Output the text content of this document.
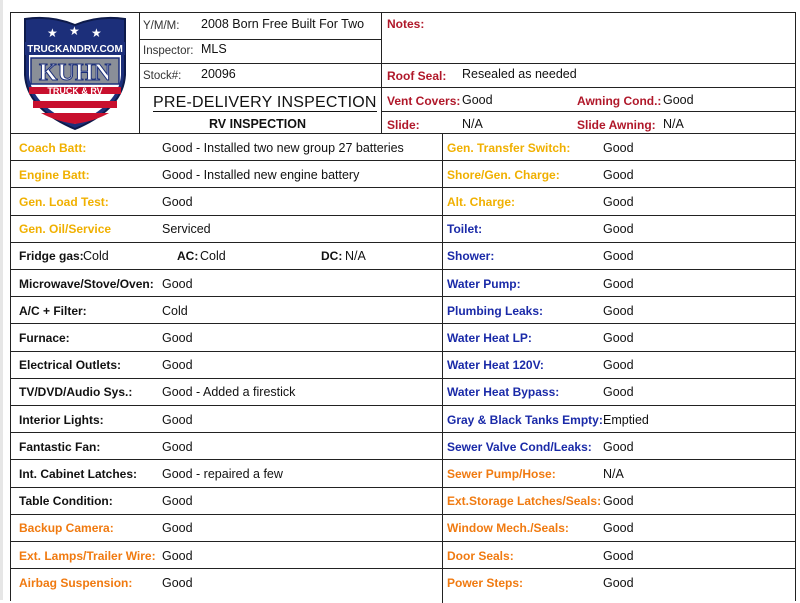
★ ★ ★
TRUCKANDRV.COM
KUHN
TRUCK & RV
Y/M/M: 2008 Born Free Built For Two
Inspector: MLS
Stock#: 20096
PRE-DELIVERY INSPECTION
RV INSPECTION
Notes:
Roof Seal: Resealed as needed
Vent Covers: Good	Awning Cond.: Good
Slide:	N/A	Slide Awning: N/A
Coach Batt:	Good - Installed two new group 27 batteries	Gen. Transfer Switch:	Good
Engine Batt:	Good - Installed new engine battery	Shore/Gen. Charge:	Good
Gen. Load Test:	Good	Alt. Charge:	Good
Gen. Oil/Service	Serviced	Toilet:	Good
Fridge gas: Cold	AC: Cold	DC: N/A	Shower:	Good
Microwave/Stove/Oven: Good	Water Pump:	Good
A/C + Filter:	Cold	Plumbing Leaks:	Good
Furnace:	Good	Water Heat LP:	Good
Electrical Outlets:	Good	Water Heat 120V:	Good
TV/DVD/Audio Sys.: Good - Added a firestick	Water Heat Bypass:	Good
Interior Lights:	Good	Gray & Black Tanks Empty: Emptied
Fantastic Fan:	Good	Sewer Valve Cond/Leaks: Good
Int. Cabinet Latches: Good - repaired a few	Sewer Pump/Hose:	N/A
Table Condition:	Good	Ext.Storage Latches/Seals: Good
Backup Camera:	Good	Window Mech./Seals:	Good
Ext. Lamps/Trailer Wire: Good	Door Seals:	Good
Airbag Suspension: Good	Power Steps:	Good
